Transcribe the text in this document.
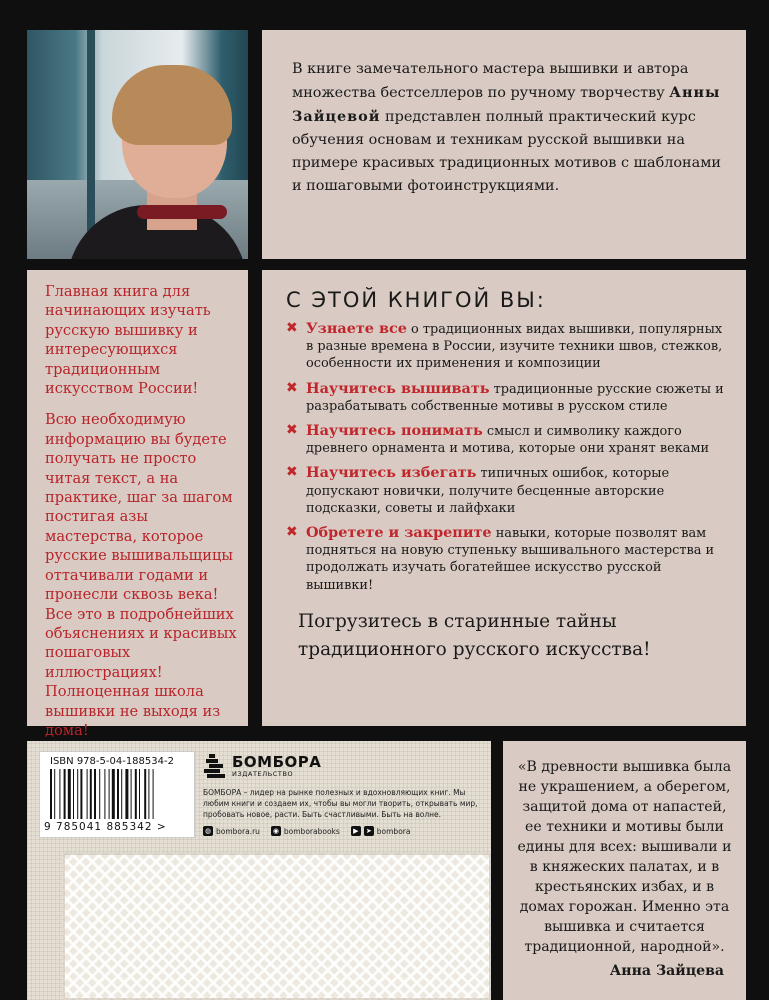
В книге замечательного мастера вышивки и автора множества бестселлеров по ручному творчеству Анны Зайцевой представлен полный практический курс обучения основам и техникам русской вышивки на примере красивых традиционных мотивов с шаблонами и пошаговыми фотоинструкциями.

Главная книга для начинающих изучать русскую вышивку и интересующихся традиционным искусством России!

Всю необходимую информацию вы будете получать не просто читая текст, а на практике, шаг за шагом постигая азы мастерства, которое русские вышивальщицы оттачивали годами и пронесли сквозь века! Все это в подробнейших объяснениях и красивых пошаговых иллюстрациях! Полноценная школа вышивки не выходя из дома!

С ЭТОЙ КНИГОЙ ВЫ:
✖ Узнаете все о традиционных видах вышивки, популярных в разные времена в России, изучите техники швов, стежков, особенности их применения и композиции
✖ Научитесь вышивать традиционные русские сюжеты и разрабатывать собственные мотивы в русском стиле
✖ Научитесь понимать смысл и символику каждого древнего орнамента и мотива, которые они хранят веками
✖ Научитесь избегать типичных ошибок, которые допускают новички, получите бесценные авторские подсказки, советы и лайфхаки
✖ Обретете и закрепите навыки, которые позволят вам подняться на новую ступеньку вышивального мастерства и продолжать изучать богатейшее искусство русской вышивки!
Погрузитесь в старинные тайны традиционного русского искусства!
ISBN 978-5-04-188534-2
9 785041 885342 >
БОМБОРА
ИЗДАТЕЛЬСТВО
БОМБОРА – лидер на рынке полезных и вдохновляющих книг. Мы любим книги и создаем их, чтобы вы могли творить, открывать мир, пробовать новое, расти. Быть счастливыми. Быть на волне.
◍ bombora.ru ◉ bomborabooks	▶	➤ bombora
«В древности вышивка была не украшением, а оберегом, защитой дома от напастей, ее техники и мотивы были едины для всех: вышивали и в княжеских палатах, и в крестьянских избах, и в домах горожан. Именно эта вышивка и считается традиционной, народной».
Анна Зайцева
